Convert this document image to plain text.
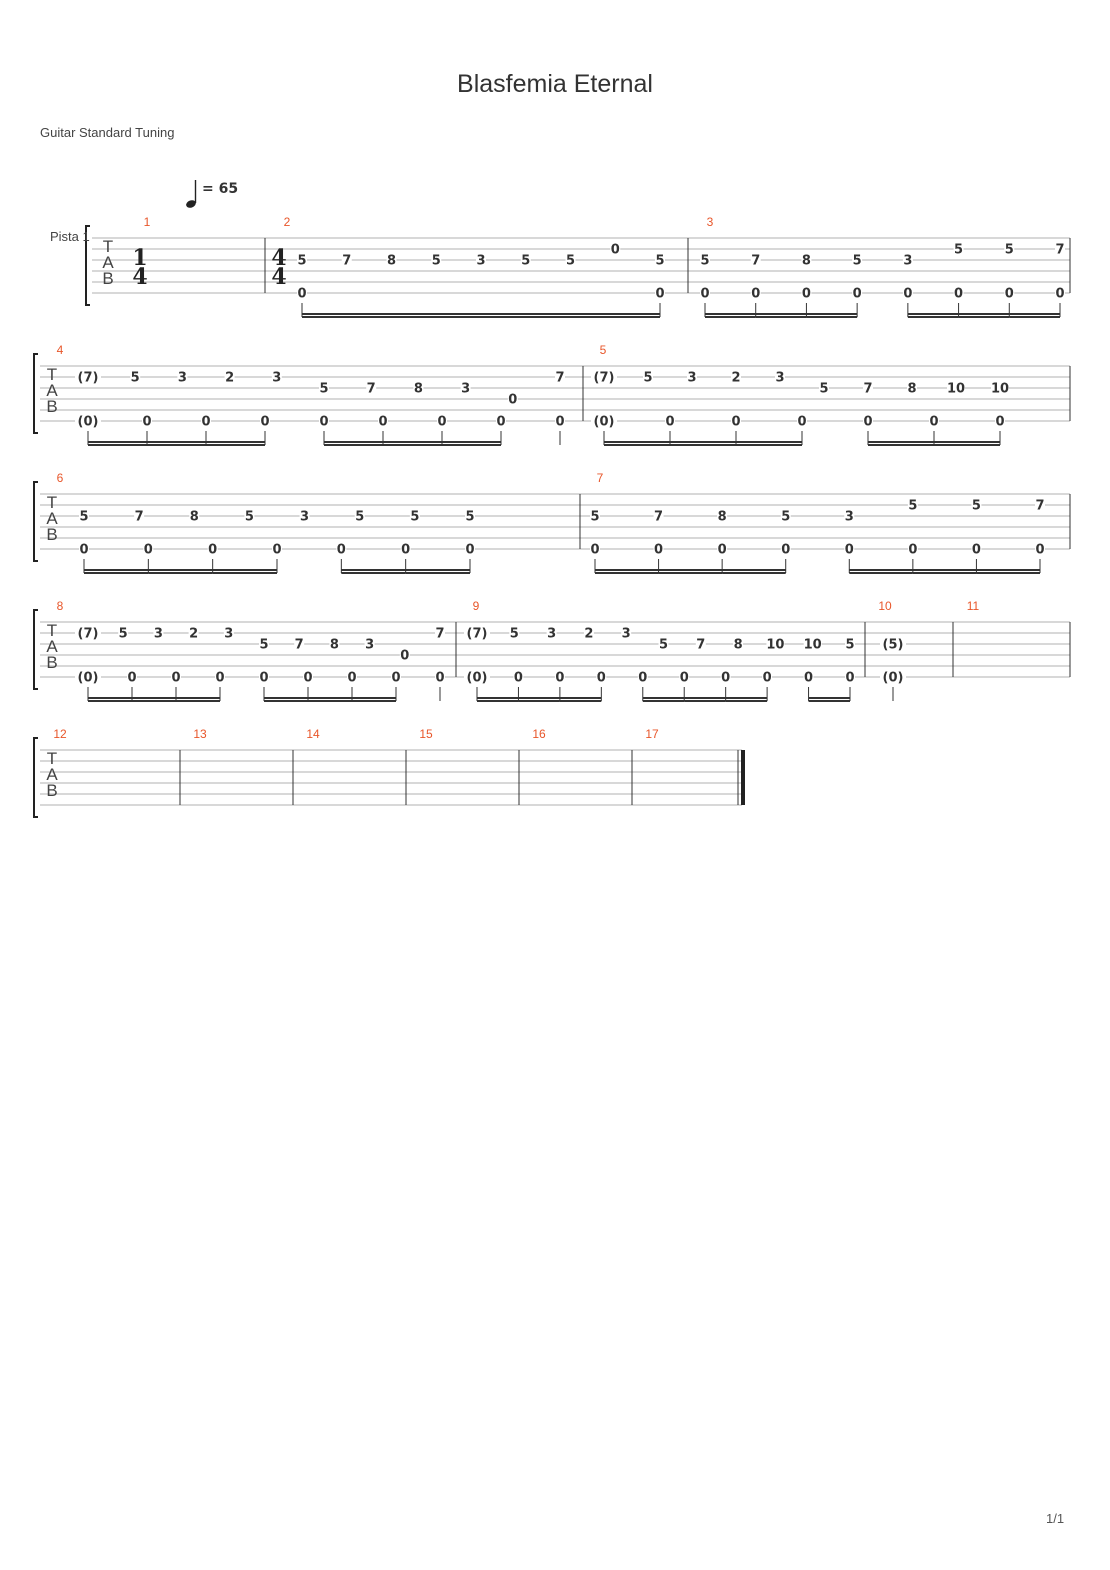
Blasfemia Eternal
Guitar Standard Tuning
1/1
= 65
T
A
B
Pista 1
1
1
4
2
4
4
5	7	8	5	3	5	5
0
5
0	0
3
5	7	8	5	3
5	5	7
0	0	0	0	0	0	0	0
T
A
B
4
(7) 5	3	2	3
5	7	8	3
0
7
(0)	0	0	0	0	0	0	0	0
5
(7) 5	3	2	3
5	7	8 10 10
(0)	0	0	0	0	0	0
T
A
B
6
5	7	8	5	3	5	5	5
0	0	0	0	0	0	0
7
5	7	8	5	3
5	5	7
0	0	0	0	0	0	0	0
T
A
B
8
(7) 5 3 2 3
5 7 8 3
0
7
(0) 0	0	0	0	0	0	0	0
9
(7) 5 3 2 3
5 7 8 10 10 5
(0) 0 0 0 0 0 0 0 0 0
10
(5)
(0)
11
T
A
B
12	13	14	15	16	17
